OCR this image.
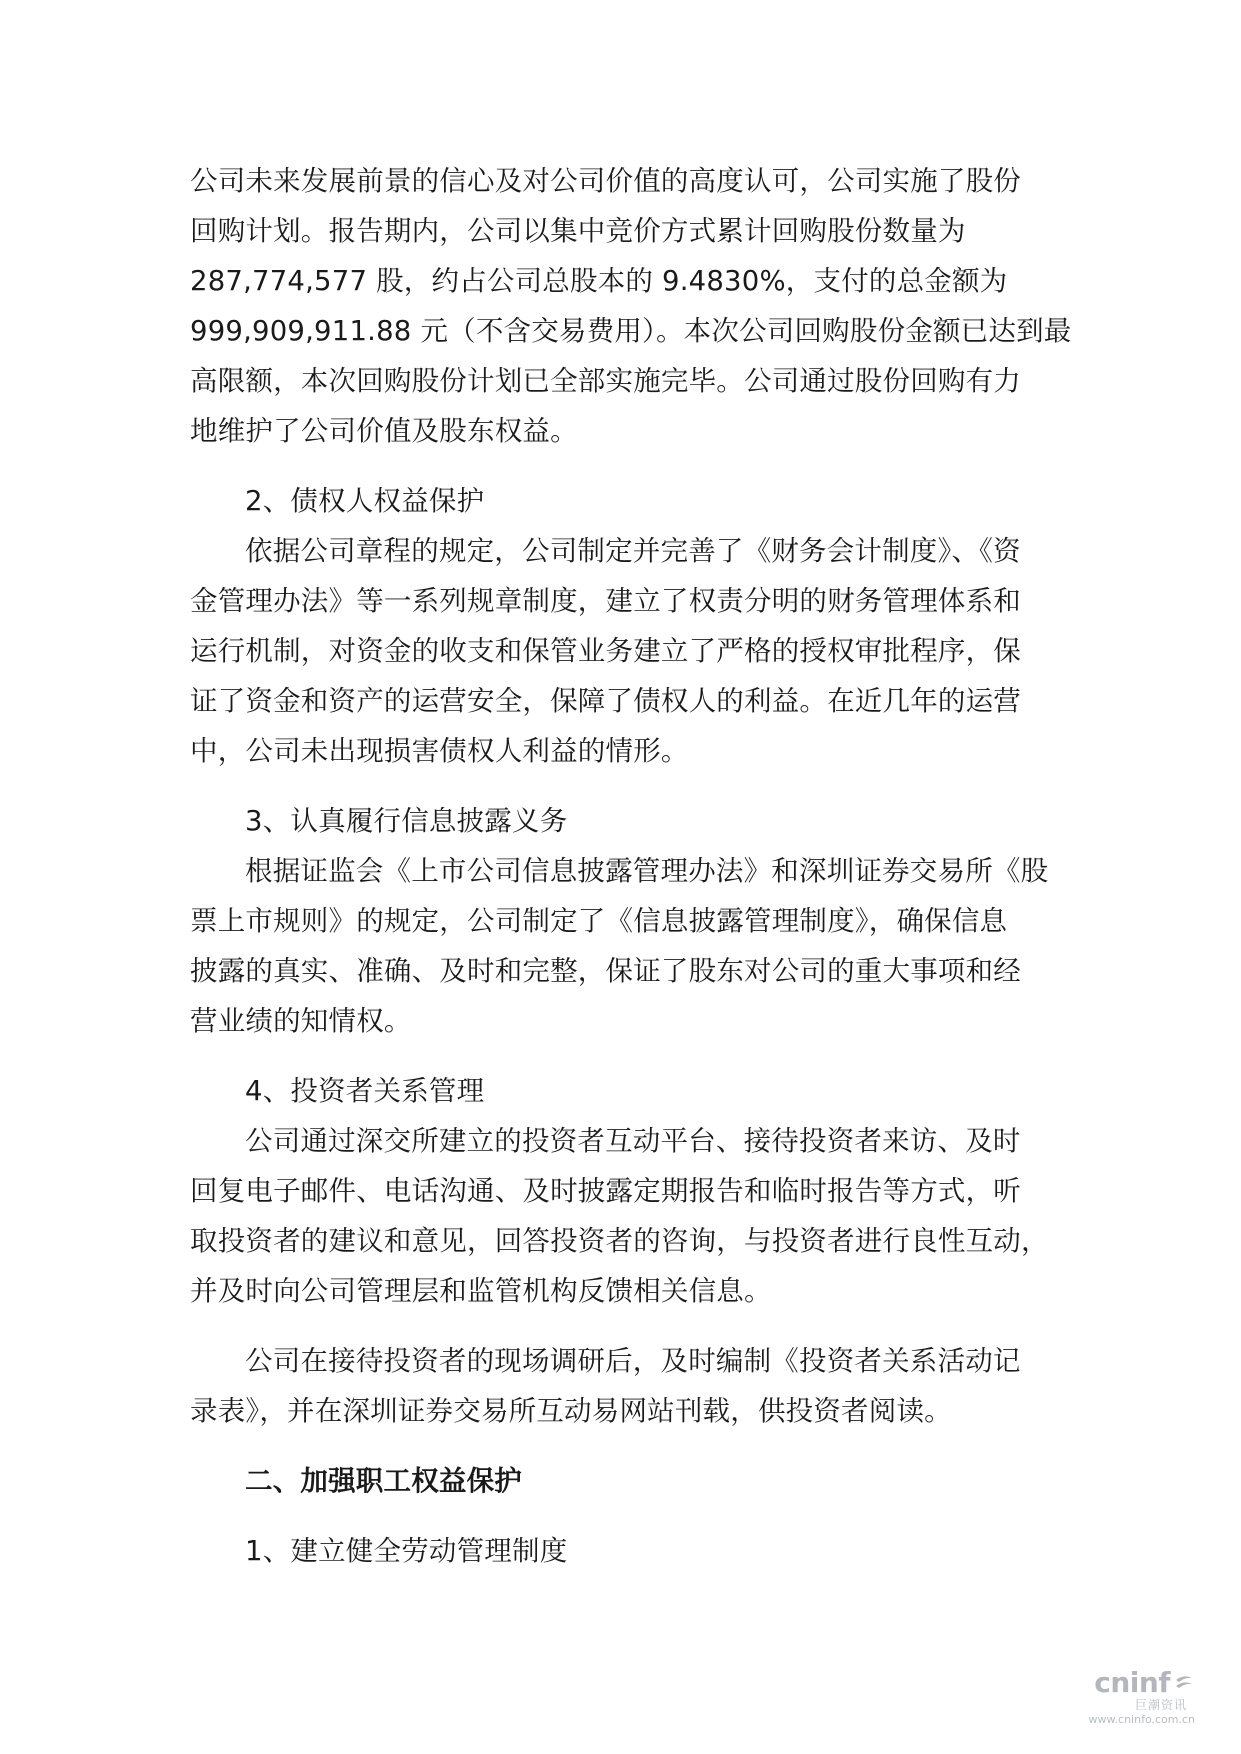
公司未来发展前景的信心及对公司价值的高度认可，公司实施了股份
回购计划。报告期内，公司以集中竞价方式累计回购股份数量为
287,774,577 股，约占公司总股本的 9.4830%，支付的总金额为
999,909,911.88 元（不含交易费用）。本次公司回购股份金额已达到最
高限额，本次回购股份计划已全部实施完毕。公司通过股份回购有力
地维护了公司价值及股东权益。
2、债权人权益保护
依据公司章程的规定，公司制定并完善了《财务会计制度》、《资
金管理办法》等一系列规章制度，建立了权责分明的财务管理体系和
运行机制，对资金的收支和保管业务建立了严格的授权审批程序，保
证了资金和资产的运营安全，保障了债权人的利益。在近几年的运营
中，公司未出现损害债权人利益的情形。
3、认真履行信息披露义务
根据证监会《上市公司信息披露管理办法》和深圳证券交易所《股
票上市规则》的规定，公司制定了《信息披露管理制度》，确保信息
披露的真实、准确、及时和完整，保证了股东对公司的重大事项和经
营业绩的知情权。
4、投资者关系管理
公司通过深交所建立的投资者互动平台、接待投资者来访、及时
回复电子邮件、电话沟通、及时披露定期报告和临时报告等方式，听
取投资者的建议和意见，回答投资者的咨询，与投资者进行良性互动，
并及时向公司管理层和监管机构反馈相关信息。
公司在接待投资者的现场调研后，及时编制《投资者关系活动记
录表》，并在深圳证券交易所互动易网站刊载，供投资者阅读。
二、加强职工权益保护
1、建立健全劳动管理制度
cninf
巨潮资讯
www.cninfo.com.cn
